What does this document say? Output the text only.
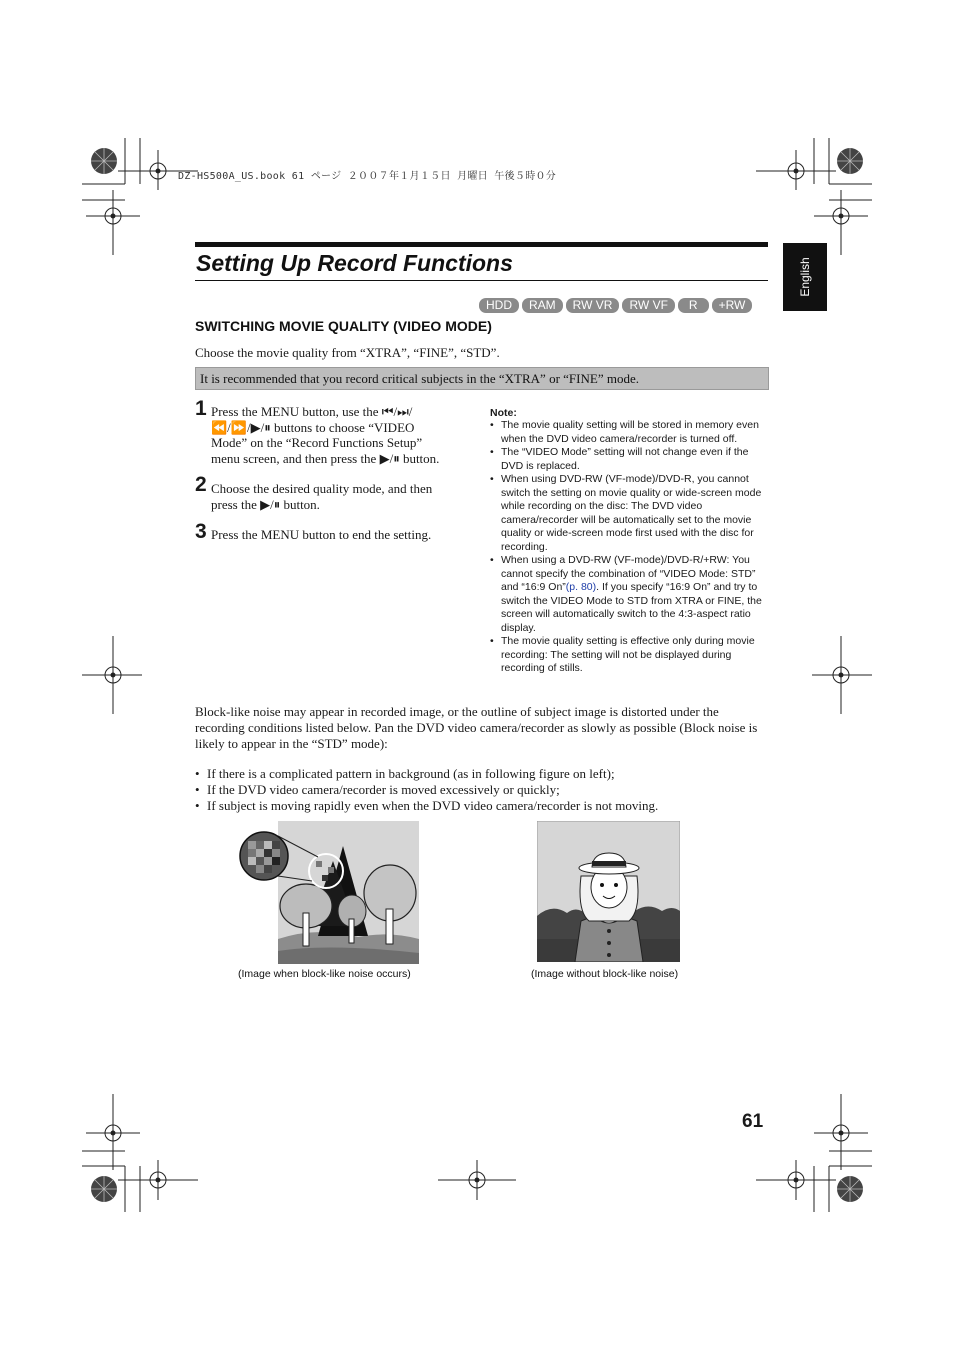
DZ-HS500A_US.book 61 ページ ２００７年１月１５日 月曜日 午後５時０分
English
Setting Up Record Functions
HDD	RAM	RW VR	RW VF	R	+RW
SWITCHING MOVIE QUALITY (VIDEO MODE)
Choose the movie quality from “XTRA”, “FINE”, “STD”.
It is recommended that you record critical subjects in the “XTRA” or “FINE” mode.
1 Press the MENU button, use the ⏮/⏭/
⏪/⏩/▶/⏸ buttons to choose “VIDEO
Mode” on the “Record Functions Setup”
menu screen, and then press the ▶/⏸ button.
2 Choose the desired quality mode, and then
press the ▶/⏸ button.
3 Press the MENU button to end the setting.
Note:
• The movie quality setting will be stored in memory even when the DVD video camera/recorder is turned off.
• The “VIDEO Mode” setting will not change even if the DVD is replaced.
• When using DVD-RW (VF-mode)/DVD-R, you cannot switch the setting on movie quality or wide-screen mode while recording on the disc: The DVD video camera/recorder will be automatically set to the movie quality or wide-screen mode first used with the disc for recording.
• When using a DVD-RW (VF-mode)/DVD-R/+RW: You cannot specify the combination of “VIDEO Mode: STD” and “16:9 On”(p. 80). If you specify “16:9 On” and try to switch the VIDEO Mode to STD from XTRA or FINE, the screen will automatically switch to the 4:3-aspect ratio display.
• The movie quality setting is effective only during movie recording: The setting will not be displayed during recording of stills.
Block-like noise may appear in recorded image, or the outline of subject image is distorted under the recording conditions listed below. Pan the DVD video camera/recorder as slowly as possible (Block noise is likely to appear in the “STD” mode):
• If there is a complicated pattern in background (as in following figure on left);
• If the DVD video camera/recorder is moved excessively or quickly;
• If subject is moving rapidly even when the DVD video camera/recorder is not moving.
(Image when block-like noise occurs)	(Image without block-like noise)
61
